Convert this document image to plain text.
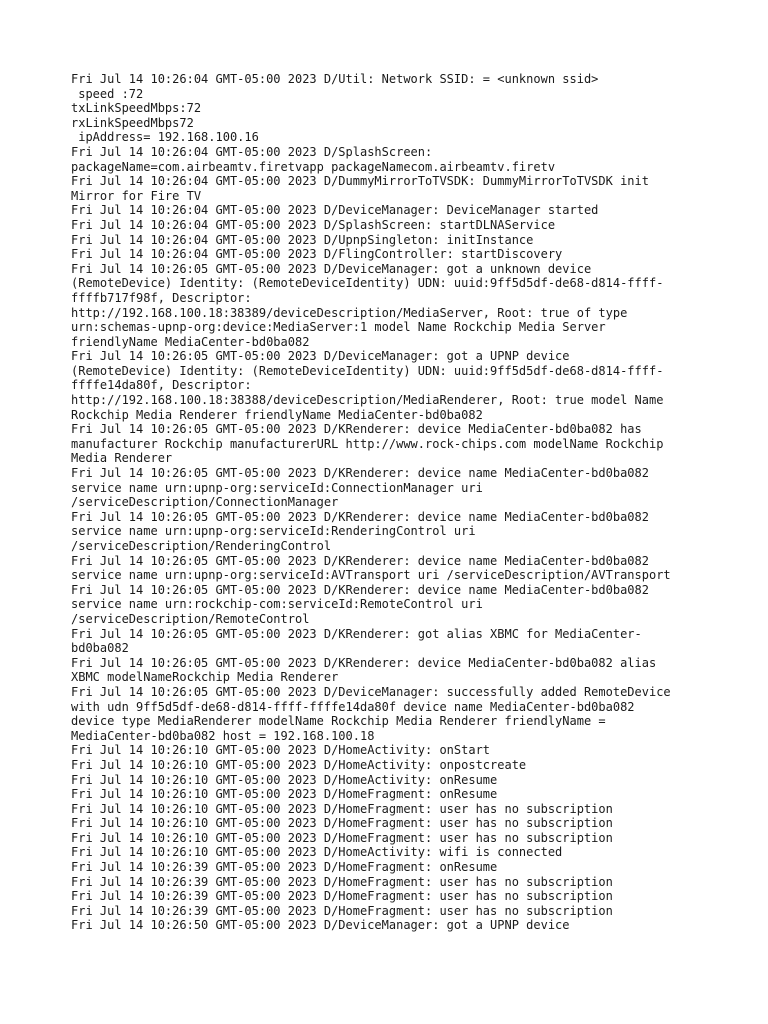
Fri Jul 14 10:26:04 GMT-05:00 2023 D/Util: Network SSID: = <unknown ssid>
speed :72
txLinkSpeedMbps:72
rxLinkSpeedMbps72
ipAddress= 192.168.100.16
Fri Jul 14 10:26:04 GMT-05:00 2023 D/SplashScreen:
packageName=com.airbeamtv.firetvapp packageNamecom.airbeamtv.firetv
Fri Jul 14 10:26:04 GMT-05:00 2023 D/DummyMirrorToTVSDK: DummyMirrorToTVSDK init
Mirror for Fire TV
Fri Jul 14 10:26:04 GMT-05:00 2023 D/DeviceManager: DeviceManager started
Fri Jul 14 10:26:04 GMT-05:00 2023 D/SplashScreen: startDLNAService
Fri Jul 14 10:26:04 GMT-05:00 2023 D/UpnpSingleton: initInstance
Fri Jul 14 10:26:04 GMT-05:00 2023 D/FlingController: startDiscovery
Fri Jul 14 10:26:05 GMT-05:00 2023 D/DeviceManager: got a unknown device
(RemoteDevice) Identity: (RemoteDeviceIdentity) UDN: uuid:9ff5d5df-de68-d814-ffff-
ffffb717f98f, Descriptor:
http://192.168.100.18:38389/deviceDescription/MediaServer, Root: true of type
urn:schemas-upnp-org:device:MediaServer:1 model Name Rockchip Media Server
friendlyName MediaCenter-bd0ba082
Fri Jul 14 10:26:05 GMT-05:00 2023 D/DeviceManager: got a UPNP device
(RemoteDevice) Identity: (RemoteDeviceIdentity) UDN: uuid:9ff5d5df-de68-d814-ffff-
ffffe14da80f, Descriptor:
http://192.168.100.18:38388/deviceDescription/MediaRenderer, Root: true model Name
Rockchip Media Renderer friendlyName MediaCenter-bd0ba082
Fri Jul 14 10:26:05 GMT-05:00 2023 D/KRenderer: device MediaCenter-bd0ba082 has
manufacturer Rockchip manufacturerURL http://www.rock-chips.com modelName Rockchip
Media Renderer
Fri Jul 14 10:26:05 GMT-05:00 2023 D/KRenderer: device name MediaCenter-bd0ba082
service name urn:upnp-org:serviceId:ConnectionManager uri
/serviceDescription/ConnectionManager
Fri Jul 14 10:26:05 GMT-05:00 2023 D/KRenderer: device name MediaCenter-bd0ba082
service name urn:upnp-org:serviceId:RenderingControl uri
/serviceDescription/RenderingControl
Fri Jul 14 10:26:05 GMT-05:00 2023 D/KRenderer: device name MediaCenter-bd0ba082
service name urn:upnp-org:serviceId:AVTransport uri /serviceDescription/AVTransport
Fri Jul 14 10:26:05 GMT-05:00 2023 D/KRenderer: device name MediaCenter-bd0ba082
service name urn:rockchip-com:serviceId:RemoteControl uri
/serviceDescription/RemoteControl
Fri Jul 14 10:26:05 GMT-05:00 2023 D/KRenderer: got alias XBMC for MediaCenter-
bd0ba082
Fri Jul 14 10:26:05 GMT-05:00 2023 D/KRenderer: device MediaCenter-bd0ba082 alias
XBMC modelNameRockchip Media Renderer
Fri Jul 14 10:26:05 GMT-05:00 2023 D/DeviceManager: successfully added RemoteDevice
with udn 9ff5d5df-de68-d814-ffff-ffffe14da80f device name MediaCenter-bd0ba082
device type MediaRenderer modelName Rockchip Media Renderer friendlyName =
MediaCenter-bd0ba082 host = 192.168.100.18
Fri Jul 14 10:26:10 GMT-05:00 2023 D/HomeActivity: onStart
Fri Jul 14 10:26:10 GMT-05:00 2023 D/HomeActivity: onpostcreate
Fri Jul 14 10:26:10 GMT-05:00 2023 D/HomeActivity: onResume
Fri Jul 14 10:26:10 GMT-05:00 2023 D/HomeFragment: onResume
Fri Jul 14 10:26:10 GMT-05:00 2023 D/HomeFragment: user has no subscription
Fri Jul 14 10:26:10 GMT-05:00 2023 D/HomeFragment: user has no subscription
Fri Jul 14 10:26:10 GMT-05:00 2023 D/HomeFragment: user has no subscription
Fri Jul 14 10:26:10 GMT-05:00 2023 D/HomeActivity: wifi is connected
Fri Jul 14 10:26:39 GMT-05:00 2023 D/HomeFragment: onResume
Fri Jul 14 10:26:39 GMT-05:00 2023 D/HomeFragment: user has no subscription
Fri Jul 14 10:26:39 GMT-05:00 2023 D/HomeFragment: user has no subscription
Fri Jul 14 10:26:39 GMT-05:00 2023 D/HomeFragment: user has no subscription
Fri Jul 14 10:26:50 GMT-05:00 2023 D/DeviceManager: got a UPNP device
